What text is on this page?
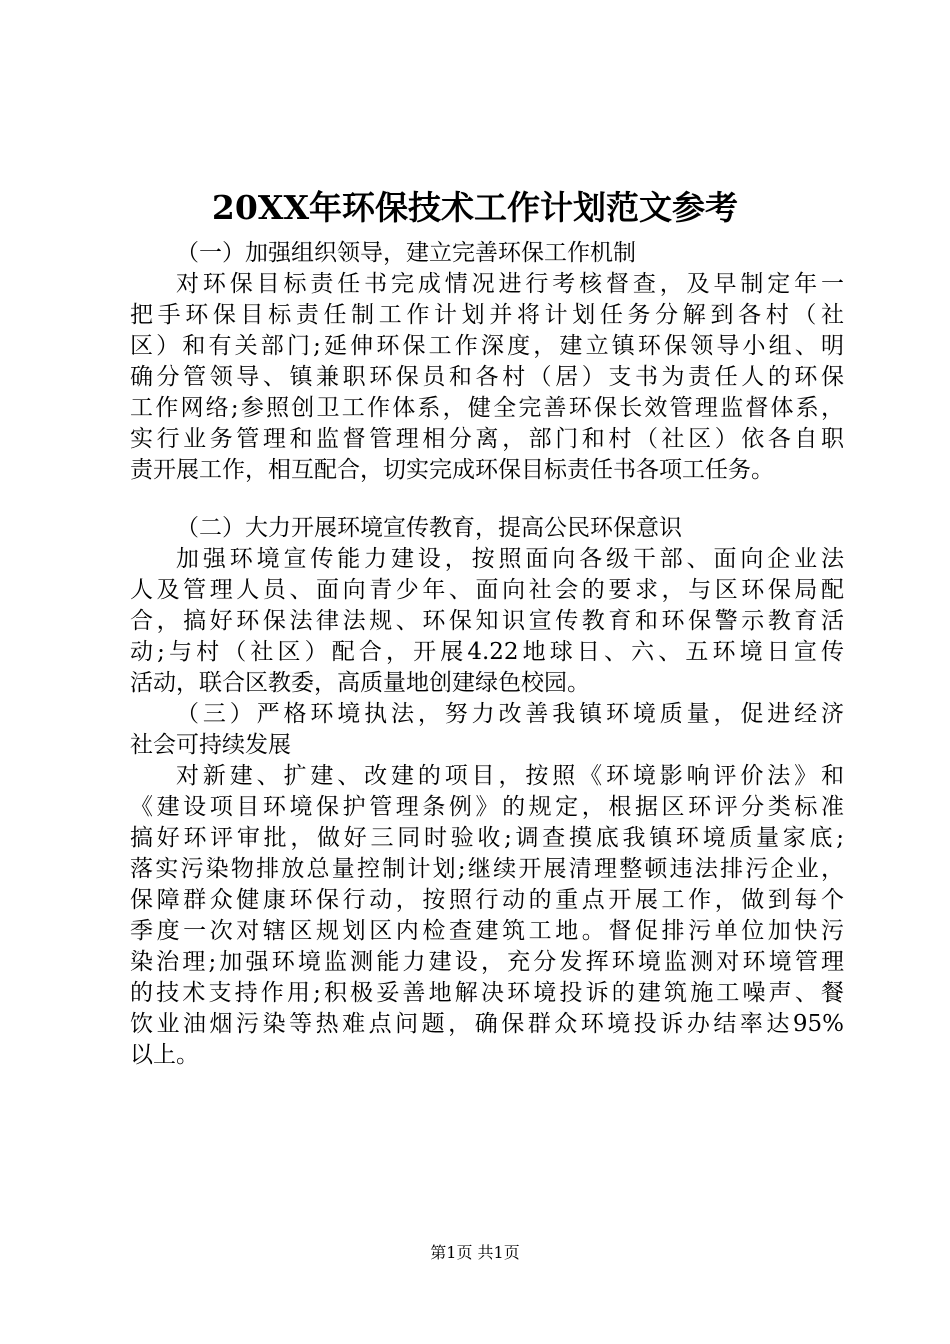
20XX年环保技术工作计划范文参考
（一）加强组织领导，建立完善环保工作机制
对环保目标责任书完成情况进行考核督查，及早制定年一
把手环保目标责任制工作计划并将计划任务分解到各村（社
区）和有关部门;延伸环保工作深度，建立镇环保领导小组、明
确分管领导、镇兼职环保员和各村（居）支书为责任人的环保
工作网络;参照创卫工作体系，健全完善环保长效管理监督体系，
实行业务管理和监督管理相分离，部门和村（社区）依各自职
责开展工作，相互配合，切实完成环保目标责任书各项工任务。
（二）大力开展环境宣传教育，提高公民环保意识
加强环境宣传能力建设，按照面向各级干部、面向企业法
人及管理人员、面向青少年、面向社会的要求，与区环保局配
合，搞好环保法律法规、环保知识宣传教育和环保警示教育活
动;与村（社区）配合，开展4.22地球日、六、五环境日宣传
活动，联合区教委，高质量地创建绿色校园。
（三）严格环境执法，努力改善我镇环境质量，促进经济
社会可持续发展
对新建、扩建、改建的项目，按照《环境影响评价法》和
《建设项目环境保护管理条例》的规定，根据区环评分类标准
搞好环评审批，做好三同时验收;调查摸底我镇环境质量家底;
落实污染物排放总量控制计划;继续开展清理整顿违法排污企业，
保障群众健康环保行动，按照行动的重点开展工作，做到每个
季度一次对辖区规划区内检查建筑工地。督促排污单位加快污
染治理;加强环境监测能力建设，充分发挥环境监测对环境管理
的技术支持作用;积极妥善地解决环境投诉的建筑施工噪声、餐
饮业油烟污染等热难点问题，确保群众环境投诉办结率达95%
以上。
第1页 共1页
